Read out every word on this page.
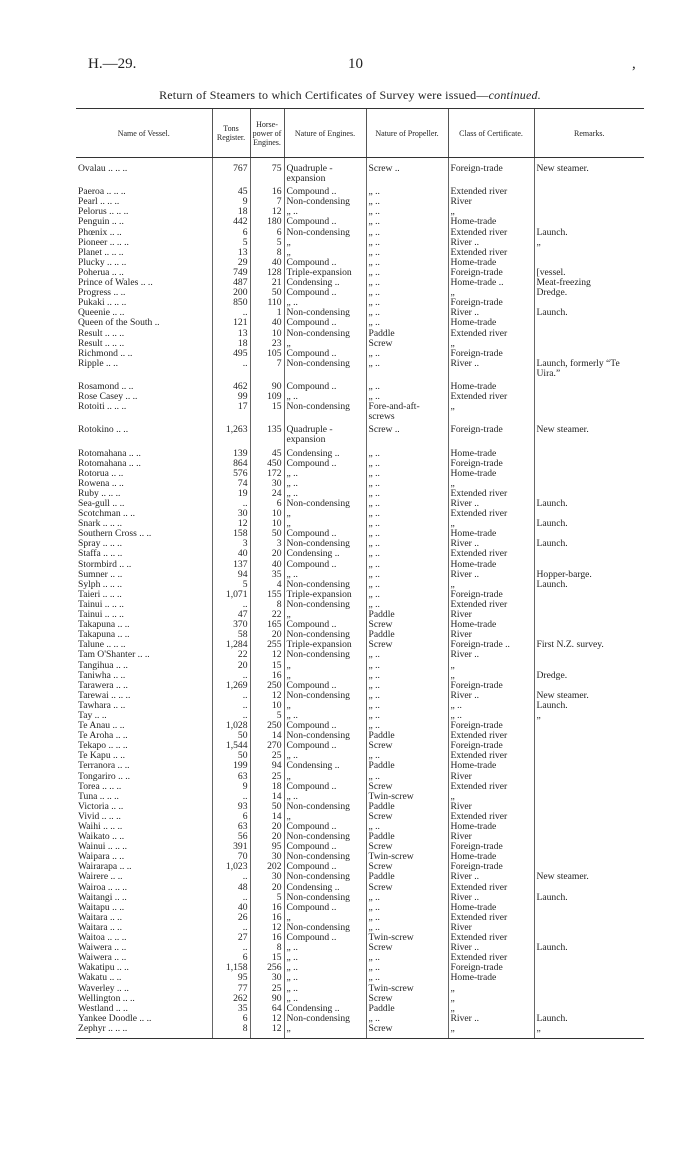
H.—29.	10	,
Return of Steamers to which Certificates of Survey were issued—continued.
Name of Vessel.	Tons Register.	Horse-power of Engines.	Nature of Engines.	Nature of Propeller.	Class of Certificate.	Remarks.
Ovalau .. .. ..	767	75	Quadruple - expansion	Screw ..	Foreign-trade	New steamer.
Paeroa .. .. ..	45	16	Compound ..	„ ..	Extended river	
Pearl .. .. ..	9	7	Non-condensing	„ ..	River	
Pelorus .. .. ..	18	12	„ ..	„ ..	„	
Penguin .. ..	442	180	Compound ..	„ ..	Home-trade	
Phœnix .. ..	6	6	Non-condensing	„ ..	Extended river	Launch.
Pioneer .. .. ..	5	5	„	„ ..	River ..	„
Planet .. .. ..	13	8	„	„ ..	Extended river	
Plucky .. .. ..	29	40	Compound ..	„ ..	Home-trade	
Poherua .. ..	749	128	Triple-expansion	„ ..	Foreign-trade	[vessel.
Prince of Wales .. ..	487	21	Condensing ..	„ ..	Home-trade ..	Meat-freezing
Progress .. ..	200	50	Compound ..	„ ..	„	Dredge.
Pukaki .. .. ..	850	110	„ ..	„ ..	Foreign-trade	
Queenie .. ..	..	1	Non-condensing	„ ..	River ..	Launch.
Queen of the South ..	121	40	Compound ..	„ ..	Home-trade	
Result .. .. ..	13	10	Non-condensing	Paddle	Extended river	
Result .. .. ..	18	23	„	Screw	„	
Richmond .. ..	495	105	Compound ..	„ ..	Foreign-trade	
Ripple .. ..	..	7	Non-condensing	„ ..	River ..	Launch, formerly “Te Uira.”
Rosamond .. ..	462	90	Compound ..	„ ..	Home-trade	
Rose Casey .. ..	99	109	„ ..	„ ..	Extended river	
Rotoiti .. .. ..	17	15	Non-condensing	Fore-and-aft-screws	„	
Rotokino .. ..	1,263	135	Quadruple - expansion	Screw ..	Foreign-trade	New steamer.
Rotomahana .. ..	139	45	Condensing ..	„ ..	Home-trade	
Rotomahana .. ..	864	450	Compound ..	„ ..	Foreign-trade	
Rotorua .. ..	576	172	„ ..	„ ..	Home-trade	
Rowena .. ..	74	30	„ ..	„ ..	„	
Ruby .. .. ..	19	24	„ ..	„ ..	Extended river	
Sea-gull .. ..	..	6	Non-condensing	„ ..	River ..	Launch.
Scotchman .. ..	30	10	„	„ ..	Extended river	
Snark .. .. ..	12	10	„	„ ..	„	Launch.
Southern Cross .. ..	158	50	Compound ..	„ ..	Home-trade	
Spray .. .. ..	3	3	Non-condensing	„ ..	River ..	Launch.
Staffa .. .. ..	40	20	Condensing ..	„ ..	Extended river	
Stormbird .. ..	137	40	Compound ..	„ ..	Home-trade	
Sumner .. ..	94	35	„ ..	„ ..	River ..	Hopper-barge.
Sylph .. .. ..	5	4	Non-condensing	„ ..	„	Launch.
Taieri .. .. ..	1,071	155	Triple-expansion	„ ..	Foreign-trade	
Tainui .. .. ..	..	8	Non-condensing	„ ..	Extended river	
Tainui .. .. ..	47	22	„	Paddle	River	
Takapuna .. ..	370	165	Compound ..	Screw	Home-trade	
Takapuna .. ..	58	20	Non-condensing	Paddle	River	
Talune .. .. ..	1,284	255	Triple-expansion	Screw	Foreign-trade ..	First N.Z. survey.
Tam O'Shanter .. ..	22	12	Non-condensing	„ ..	River ..	
Tangihua .. ..	20	15	„	„ ..	„	
Taniwha .. ..	..	16	„	„ ..	„	Dredge.
Tarawera .. ..	1,269	250	Compound ..	„ ..	Foreign-trade	
Tarewai .. .. ..	..	12	Non-condensing	„ ..	River ..	New steamer.
Tawhara .. ..	..	10	„	„ ..	„ ..	Launch.
Tay .. ..	..	5	„ ..	„ ..	„ ..	„
Te Anau .. ..	1,028	250	Compound ..	„ ..	Foreign-trade	
Te Aroha .. ..	50	14	Non-condensing	Paddle	Extended river	
Tekapo .. .. ..	1,544	270	Compound ..	Screw	Foreign-trade	
Te Kapu .. ..	50	25	„ ..	„ ..	Extended river	
Terranora .. ..	199	94	Condensing ..	Paddle	Home-trade	
Tongariro .. ..	63	25	„	„ ..	River	
Torea .. .. ..	9	18	Compound ..	Screw	Extended river	
Tuna .. .. ..	..	14	„ ..	Twin-screw	„	
Victoria .. ..	93	50	Non-condensing	Paddle	River	
Vivid .. .. ..	6	14	„	Screw	Extended river	
Waihi .. .. ..	63	20	Compound ..	„ ..	Home-trade	
Waikato .. ..	56	20	Non-condensing	Paddle	River	
Wainui .. .. ..	391	95	Compound ..	Screw	Foreign-trade	
Waipara .. ..	70	30	Non-condensing	Twin-screw	Home-trade	
Wairarapa .. ..	1,023	202	Compound ..	Screw	Foreign-trade	
Wairere .. ..	..	30	Non-condensing	Paddle	River ..	New steamer.
Wairoa .. .. ..	48	20	Condensing ..	Screw	Extended river	
Waitangi .. ..	..	5	Non-condensing	„ ..	River ..	Launch.
Waitapu .. ..	40	16	Compound ..	„ ..	Home-trade	
Waitara .. ..	26	16	„	„ ..	Extended river	
Waitara .. ..	..	12	Non-condensing	„ ..	River	
Waitoa .. .. ..	27	16	Compound ..	Twin-screw	Extended river	
Waiwera .. ..	..	8	„ ..	Screw	River ..	Launch.
Waiwera .. ..	6	15	„ ..	„ ..	Extended river	
Wakatipu .. ..	1,158	256	„ ..	„ ..	Foreign-trade	
Wakatu .. ..	95	30	„ ..	„ ..	Home-trade	
Waverley .. ..	77	25	„ ..	Twin-screw	„	
Wellington .. ..	262	90	„ ..	Screw	„	
Westland .. ..	35	64	Condensing ..	Paddle	„	
Yankee Doodle .. ..	6	12	Non-condensing	„ ..	River ..	Launch.
Zephyr .. .. ..	8	12	„	Screw	„	„
